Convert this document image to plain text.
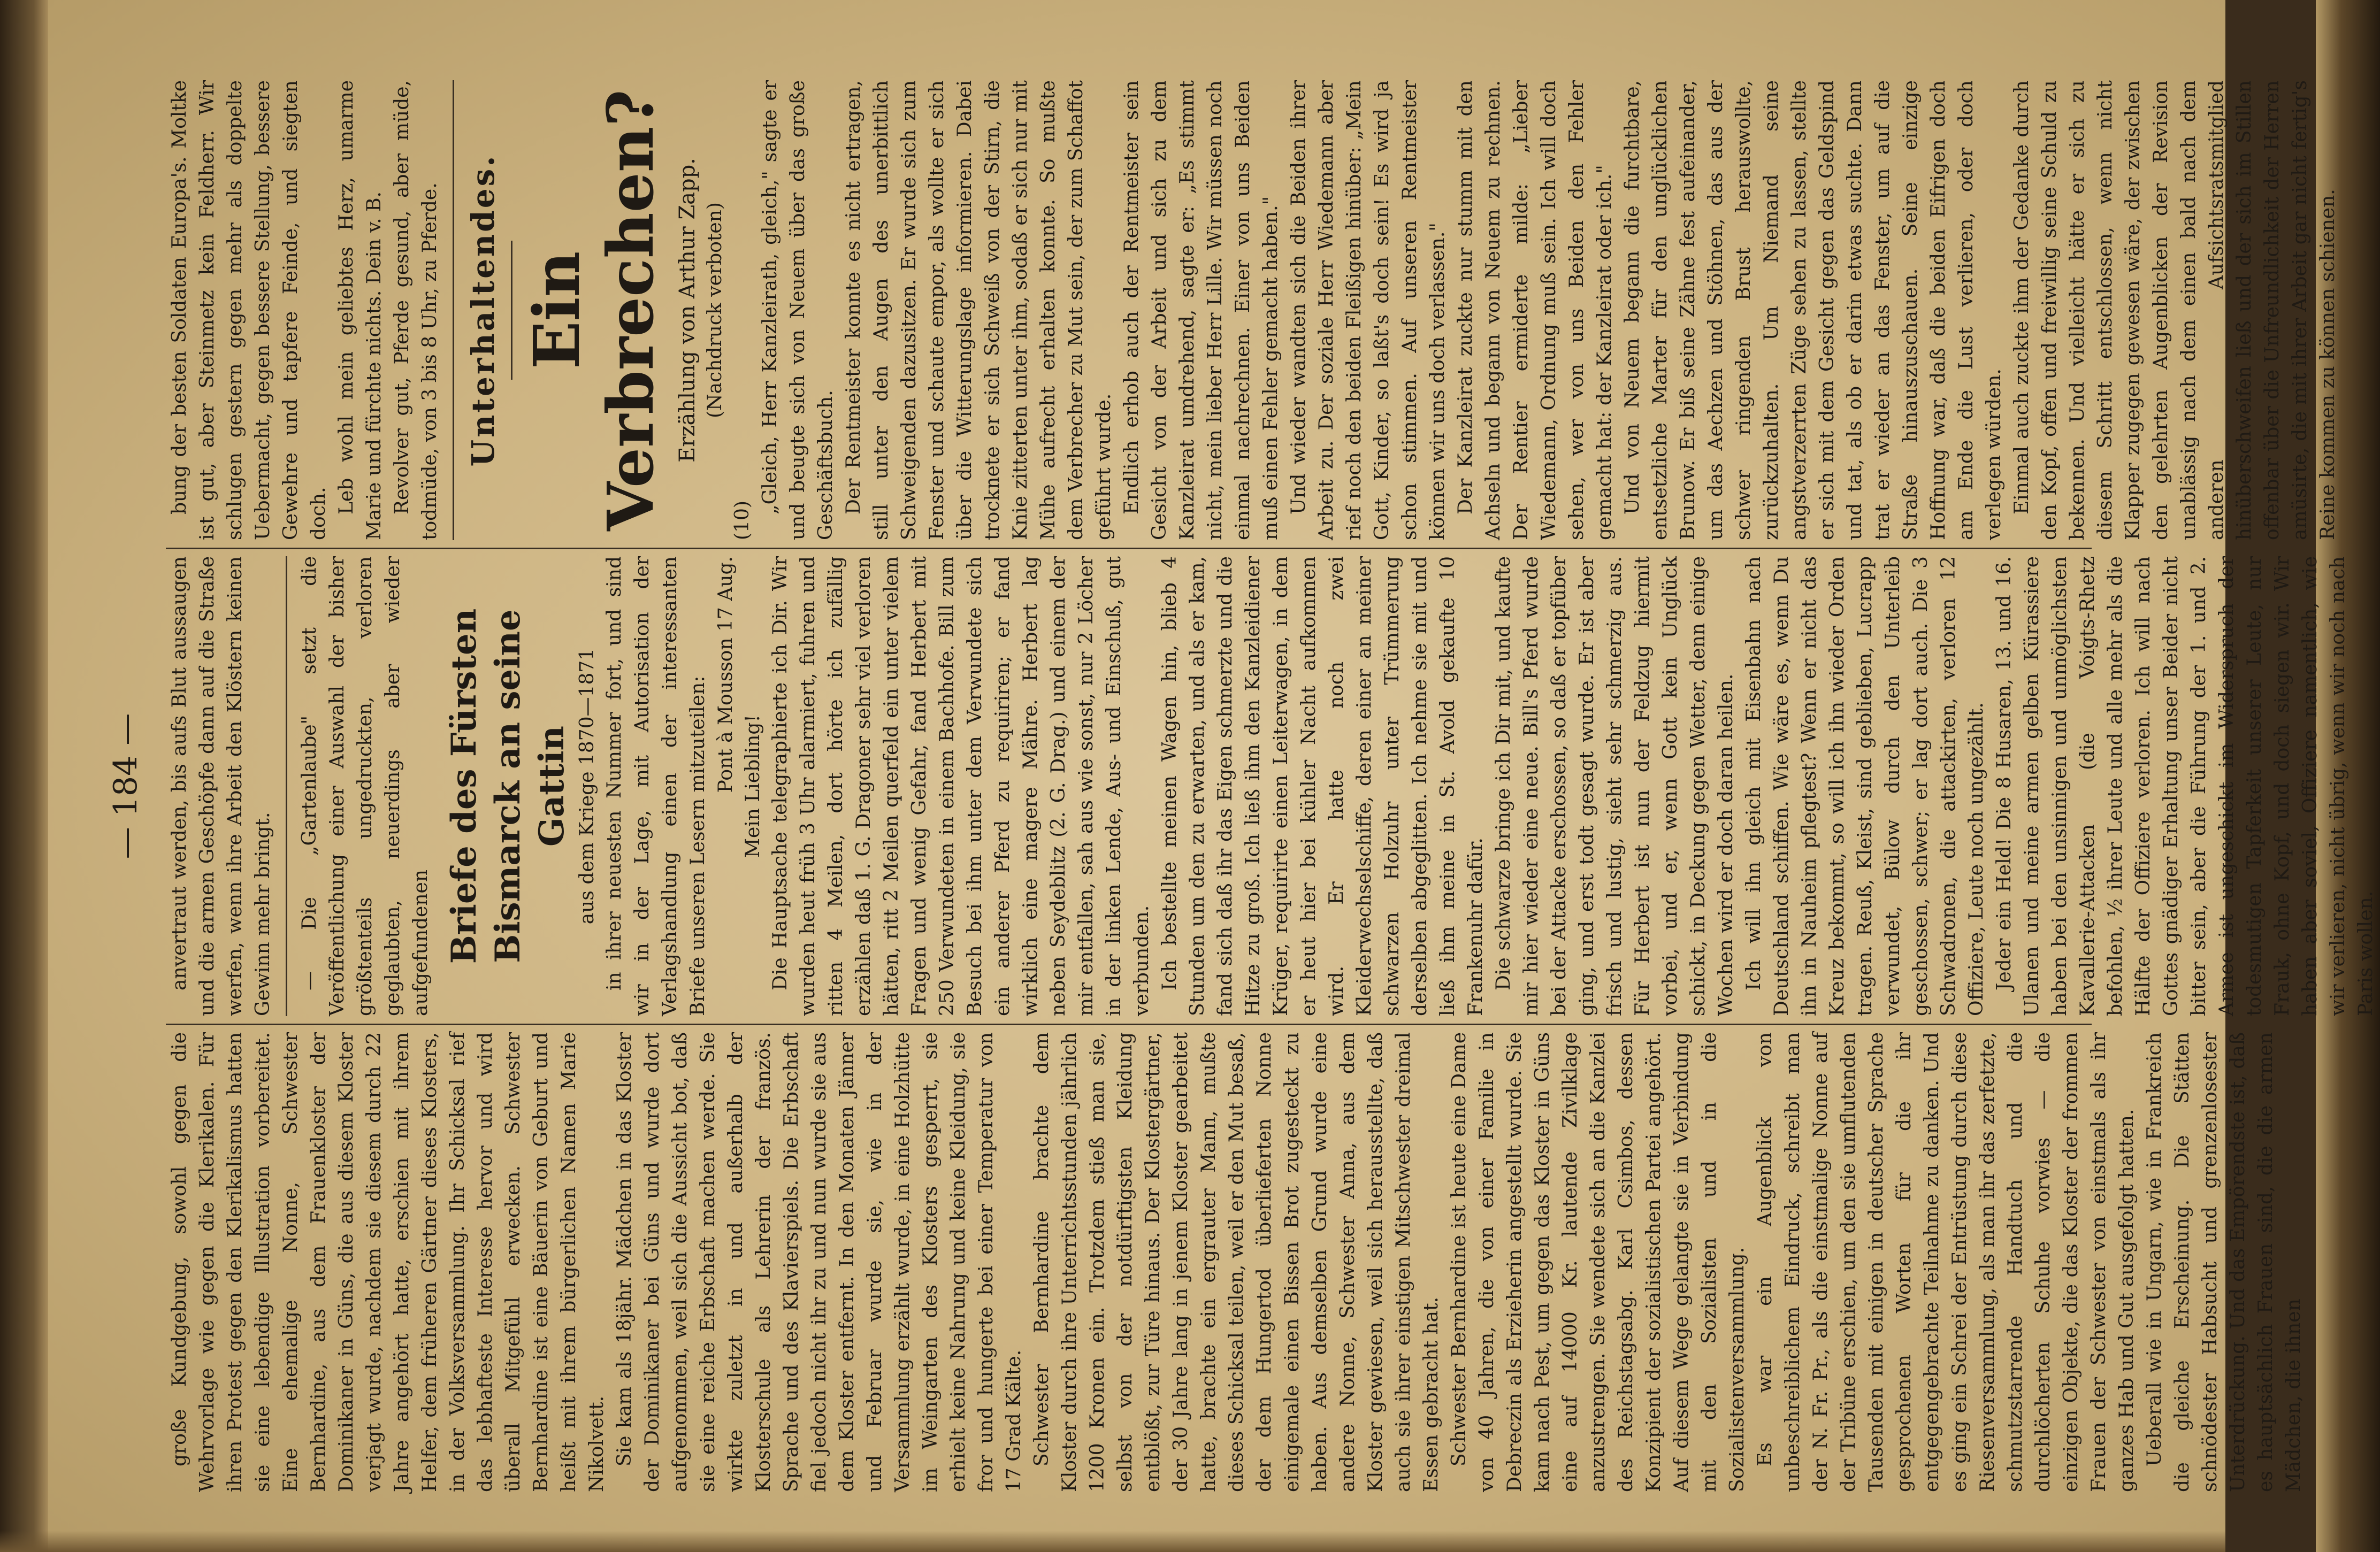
— 184 —

große Kundgebung, sowohl gegen die Wehrvorlage wie gegen die Klerikalen. Für ihren Protest gegen den Klerikalismus hatten sie eine lebendige Illustration vorbereitet. Eine ehemalige Nonne, Schwester Bernhardine, aus dem Frauenkloster der Dominikaner in Güns, die aus diesem Kloster verjagt wurde, nachdem sie diesem durch 22 Jahre angehört hatte, erschien mit ihrem Helfer, dem früheren Gärtner dieses Klosters, in der Volksversammlung. Ihr Schicksal rief das lebhafteste Interesse hervor und wird überall Mitgefühl erwecken. Schwester Bernhardine ist eine Bäuerin von Geburt und heißt mit ihrem bürgerlichen Namen Marie Nikolvett. Sie kam als 18jähr. Mädchen in das Kloster der Dominikaner bei Güns und wurde dort aufgenommen, weil sich die Aussicht bot, daß sie eine reiche Erbschaft machen werde. Sie wirkte zuletzt in und außerhalb der Klosterschule als Lehrerin der französ. Sprache und des Klavierspiels. Die Erbschaft fiel jedoch nicht ihr zu und nun wurde sie aus dem Kloster entfernt. In den Monaten Jänner und Februar wurde sie, wie in der Versammlung erzählt wurde, in eine Holzhütte im Weingarten des Klosters gesperrt, sie erhielt keine Nahrung und keine Kleidung, sie fror und hungerte bei einer Temperatur von 17 Grad Kälte. Schwester Bernhardine brachte dem Kloster durch ihre Unterrichtsstunden jährlich 1200 Kronen ein. Trotzdem stieß man sie, selbst von der notdürftigsten Kleidung entblößt, zur Türe hinaus. Der Klostergärtner, der 30 Jahre lang in jenem Kloster gearbeitet hatte, brachte ein ergrauter Mann, mußte dieses Schicksal teilen, weil er den Mut besaß, der dem Hungertod überlieferten Nonne einigemale einen Bissen Brot zugesteckt zu haben. Aus demselben Grund wurde eine andere Nonne, Schwester Anna, aus dem Kloster gewiesen, weil sich herausstellte, daß auch sie ihrer einstigen Mitschwester dreimal Essen gebracht hat. Schwester Bernhardine ist heute eine Dame von 40 Jahren, die von einer Familie in Debreczin als Erzieherin angestellt wurde. Sie kam nach Pest, um gegen das Kloster in Güns eine auf 14000 Kr. lautende Zivilklage anzustrengen. Sie wendete sich an die Kanzlei des Reichstagsabg. Karl Csimbos, dessen Konzipient der sozialistischen Partei angehört. Auf diesem Wege gelangte sie in Verbindung mit den Sozialisten und in die Sozialistenversammlung. Es war ein Augenblick von unbeschreiblichem Eindruck, schreibt man der N. Fr. Pr., als die einstmalige Nonne auf der Tribüne erschien, um den sie umflutenden Tausenden mit einigen in deutscher Sprache gesprochenen Worten für die ihr entgegengebrachte Teilnahme zu danken. Und es ging ein Schrei der Entrüstung durch diese Riesenversammlung, als man ihr das zerfetzte, schmutzstarrende Handtuch und die durchlöcherten Schuhe vorwies — die einzigen Objekte, die das Kloster der frommen Frauen der Schwester von einstmals als ihr ganzes Hab und Gut ausgefolgt hatten. Ueberall wie in Ungarn, wie in Frankreich die gleiche Erscheinung. Die Stätten schnödester Habsucht und grenzenlosester Unterdrückung. Und das Empörendste ist, daß es hauptsächlich Frauen sind, die die armen Mädchen, die ihnen

anvertraut werden, bis aufs Blut aussaugen und die armen Geschöpfe dann auf die Straße werfen, wenn ihre Arbeit den Klöstern keinen Gewinn mehr bringt. — Die „Gartenlaube" setzt die Veröffentlichung einer Auswahl der bisher größtenteils ungedruckten, verloren geglaubten, neuerdings aber wieder aufgefundenen Briefe des Fürsten Bismarck an seine Gattin aus dem Kriege 1870—1871 in ihrer neuesten Nummer fort, und sind wir in der Lage, mit Autorisation der Verlagshandlung einen der interessanten Briefe unseren Lesern mitzuteilen:

Pont à Mousson 17 Aug. Mein Liebling! Die Hauptsache telegraphierte ich Dir. Wir wurden heut früh 3 Uhr alarmiert, fuhren und ritten 4 Meilen, dort hörte ich zufällig erzählen daß 1. G. Dragoner sehr viel verloren hätten, ritt 2 Meilen querfeld ein unter vielem Fragen und wenig Gefahr, fand Herbert mit 250 Verwundeten in einem Bachhofe. Bill zum Besuch bei ihm unter dem Verwundete sich ein anderer Pferd zu requiriren; er fand wirklich eine magere Mähre. Herbert lag neben Seydeblitz (2. G. Drag.) und einem der mir entfallen, sah aus wie sonst, nur 2 Löcher in der linken Lende, Aus- und Einschuß, gut verbunden. Ich bestellte meinen Wagen hin, blieb 4 Stunden um den zu erwarten, und als er kam, fand sich daß ihr das Eigen schmerzte und die Hitze zu groß. Ich ließ ihm den Kanzleidiener Krüger, requirirte einen Leiterwagen, in dem er heut hier bei kühler Nacht aufkommen wird. Er hatte noch zwei Kleiderwechselschiffe, deren einer an meiner schwarzen Holzuhr unter Trümmerung derselben abgeglitten. Ich nehme sie mit und ließ ihm meine in St. Avold gekaufte 10 Frankenuhr dafür. Die schwarze bringe ich Dir mit, und kaufte mir hier wieder eine neue. Bill's Pferd wurde bei der Attacke erschossen, so daß er topfüber ging, und erst todt gesagt wurde. Er ist aber frisch und lustig, sieht sehr schmerzig aus. Für Herbert ist nun der Feldzug hiermit vorbei, und er, wenn Gott kein Unglück schickt, in Deckung gegen Wetter, denn einige Wochen wird er doch daran heilen. Ich will ihn gleich mit Eisenbahn nach Deutschland schiffen. Wie wäre es, wenn Du ihn in Nauheim pflegtest? Wenn er nicht das Kreuz bekommt, so will ich ihn wieder Orden tragen. Reuß, Kleist, sind geblieben, Lucrapp verwundet, Bülow durch den Unterleib geschossen, schwer; er lag dort auch. Die 3 Schwadronen, die attackirten, verloren 12 Offiziere, Leute noch ungezählt. Jeder ein Held! Die 8 Husaren, 13. und 16. Ulanen und meine armen gelben Kürassiere haben bei den unsinnigen und unmöglichsten Kavallerie-Attacken (die Voigts-Rhetz befohlen, ½ ihrer Leute und alle mehr als die Hälfte der Offiziere verloren. Ich will nach Gottes gnädiger Erhaltung unser Beider nicht bitter sein, aber die Führung der 1. und 2. Armee ist ungeschickt im Widerspruch der todesmutigen Tapferkeit unserer Leute, nur Frauk, ohne Kopf, und doch siegen wir. Wir haben aber soviel, Offiziere namentlich, wie wir verlieren, nicht übrig, wenn wir noch nach Paris wollen.

bung der besten Soldaten Europa's. Moltke ist gut, aber Steinmetz kein Feldherr. Wir schlugen gestern gegen mehr als doppelte Uebermacht, gegen bessere Stellung, bessere Gewehre und tapfere Feinde, und siegten doch. Leb wohl mein geliebtes Herz, umarme Marie und fürchte nichts. Dein v. B. Revolver gut, Pferde gesund, aber müde, todmüde, von 3 bis 8 Uhr, zu Pferde. Unterhaltendes. Ein Verbrechen? Erzählung von Arthur Zapp. (Nachdruck verboten)
(10)

„Gleich, Herr Kanzleirath, gleich," sagte er und beugte sich von Neuem über das große Geschäftsbuch. Der Rentmeister konnte es nicht ertragen, still unter den Augen des unerbittlich Schweigenden dazusitzen. Er wurde sich zum Fenster und schaute empor, als wollte er sich über die Witterungslage informieren. Dabei trocknete er sich Schweiß von der Stirn, die Knie zitterten unter ihm, sodaß er sich nur mit Mühe aufrecht erhalten konnte. So mußte dem Verbrecher zu Mut sein, der zum Schaffot geführt wurde. Endlich erhob auch der Rentmeister sein Gesicht von der Arbeit und sich zu dem Kanzleirat umdrehend, sagte er: „Es stimmt nicht, mein lieber Herr Lille. Wir müssen noch einmal nachrechnen. Einer von uns Beiden muß einen Fehler gemacht haben." Und wieder wandten sich die Beiden ihrer Arbeit zu. Der soziale Herr Wiedemann aber rief noch den beiden Fleißigen hinüber: „Mein Gott, Kinder, so laßt's doch sein! Es wird ja schon stimmen. Auf unseren Rentmeister können wir uns doch verlassen." Der Kanzleirat zuckte nur stumm mit den Achseln und begann von Neuem zu rechnen. Der Rentier ermiderte milde: „Lieber Wiedemann, Ordnung muß sein. Ich will doch sehen, wer von uns Beiden den Fehler gemacht hat: der Kanzleirat oder ich." Und von Neuem begann die furchtbare, entsetzliche Marter für den unglücklichen Brunow. Er biß seine Zähne fest aufeinander, um das Aechzen und Stöhnen, das aus der schwer ringenden Brust herauswollte, zurückzuhalten. Um Niemand seine angstverzerrten Züge sehen zu lassen, stellte er sich mit dem Gesicht gegen das Geldspind und tat, als ob er darin etwas suchte. Dann trat er wieder an das Fenster, um auf die Straße hinauszuschauen. Seine einzige Hoffnung war, daß die beiden Eifrigen doch am Ende die Lust verlieren, oder doch verlegen würden. Einmal auch zuckte ihm der Gedanke durch den Kopf, offen und freiwillig seine Schuld zu bekennen. Und vielleicht hätte er sich zu diesem Schritt entschlossen, wenn nicht Klapper zugegen gewesen wäre, der zwischen den gelehrten Augenblicken der Revision unablässig nach dem einen bald nach dem anderen Aufsichtsratsmitglied hinüberschweifen ließ und der sich im Stillen offenbar über die Unfreundlichkeit der Herren amüsirte, die mit ihrer Arbeit gar nicht fertig's Reine kommen zu können schienen.
